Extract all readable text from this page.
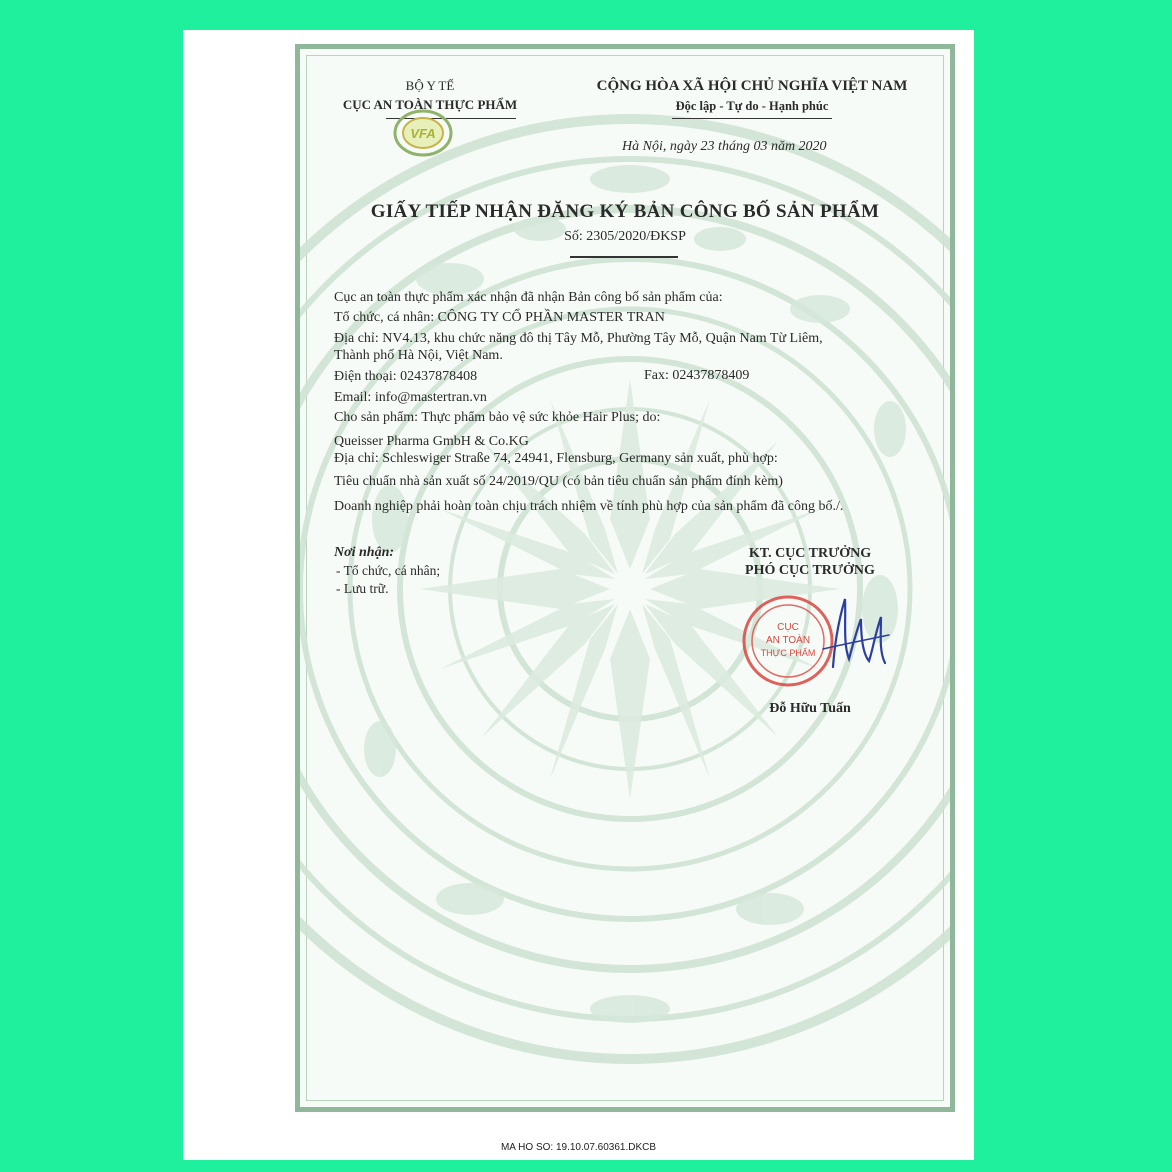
BỘ Y TẾ
CỤC AN TOÀN THỰC PHẨM
VFA
CỘNG HÒA XÃ HỘI CHỦ NGHĨA VIỆT NAM
Độc lập - Tự do - Hạnh phúc
Hà Nội, ngày 23 tháng 03 năm 2020
GIẤY TIẾP NHẬN ĐĂNG KÝ BẢN CÔNG BỐ SẢN PHẨM
Số: 2305/2020/ĐKSP
Cục an toàn thực phẩm xác nhận đã nhận Bản công bố sản phẩm của:
Tổ chức, cá nhân: CÔNG TY CỔ PHẦN MASTER TRAN
Địa chỉ: NV4.13, khu chức năng đô thị Tây Mỗ, Phường Tây Mỗ, Quận Nam Từ Liêm,
Thành phố Hà Nội, Việt Nam.
Điện thoại: 02437878408	Fax: 02437878409
Email: info@mastertran.vn
Cho sản phẩm: Thực phẩm bảo vệ sức khỏe Hair Plus; do:
Queisser Pharma GmbH & Co.KG
Địa chỉ: Schleswiger Straße 74, 24941, Flensburg, Germany sản xuất, phù hợp:
Tiêu chuẩn nhà sản xuất số 24/2019/QU (có bản tiêu chuẩn sản phẩm đính kèm)
Doanh nghiệp phải hoàn toàn chịu trách nhiệm về tính phù hợp của sản phẩm đã công bố./.
Nơi nhận:
- Tổ chức, cá nhân;
- Lưu trữ.
KT. CỤC TRƯỞNG
PHÓ CỤC TRƯỞNG
CỤC
AN TOÀN
THỰC PHẨM
Đỗ Hữu Tuấn
MA HO SO: 19.10.07.60361.DKCB
